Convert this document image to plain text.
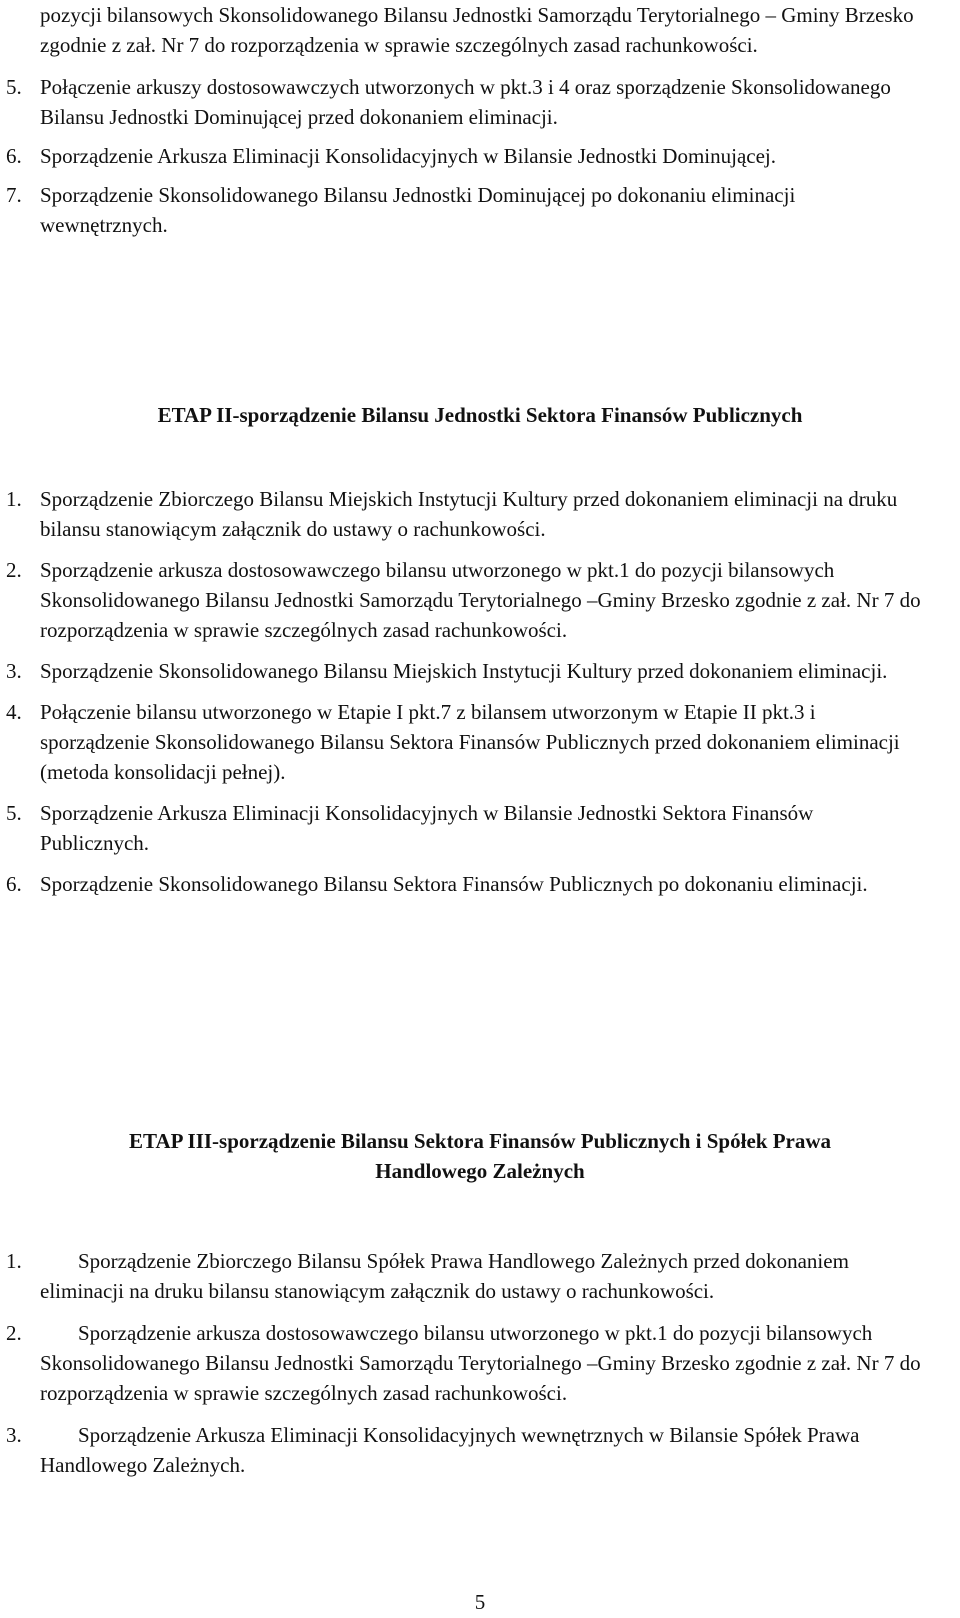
pozycji bilansowych Skonsolidowanego Bilansu Jednostki Samorządu Terytorialnego – Gminy Brzesko zgodnie z zał. Nr 7 do rozporządzenia w sprawie szczególnych zasad rachunkowości.
5. Połączenie arkuszy dostosowawczych utworzonych w pkt.3 i 4 oraz sporządzenie Skonsolidowanego Bilansu Jednostki Dominującej przed dokonaniem eliminacji.
6. Sporządzenie Arkusza Eliminacji Konsolidacyjnych w Bilansie Jednostki Dominującej.
7. Sporządzenie Skonsolidowanego Bilansu Jednostki Dominującej po dokonaniu eliminacji wewnętrznych.
ETAP II-sporządzenie Bilansu Jednostki Sektora Finansów Publicznych
1. Sporządzenie Zbiorczego Bilansu Miejskich Instytucji Kultury przed dokonaniem eliminacji na druku bilansu stanowiącym załącznik do ustawy o rachunkowości.
2. Sporządzenie arkusza dostosowawczego bilansu utworzonego w pkt.1 do pozycji bilansowych Skonsolidowanego Bilansu Jednostki Samorządu Terytorialnego –Gminy Brzesko zgodnie z zał. Nr 7 do rozporządzenia w sprawie szczególnych zasad rachunkowości.
3. Sporządzenie Skonsolidowanego Bilansu Miejskich Instytucji Kultury przed dokonaniem eliminacji.
4. Połączenie bilansu utworzonego w Etapie I pkt.7 z bilansem utworzonym w Etapie II pkt.3 i sporządzenie Skonsolidowanego Bilansu Sektora Finansów Publicznych przed dokonaniem eliminacji (metoda konsolidacji pełnej).
5. Sporządzenie Arkusza Eliminacji Konsolidacyjnych w Bilansie Jednostki Sektora Finansów Publicznych.
6. Sporządzenie Skonsolidowanego Bilansu Sektora Finansów Publicznych po dokonaniu eliminacji.
ETAP III-sporządzenie Bilansu Sektora Finansów Publicznych i Spółek Prawa
Handlowego Zależnych
1.	Sporządzenie Zbiorczego Bilansu Spółek Prawa Handlowego Zależnych przed dokonaniem eliminacji na druku bilansu stanowiącym załącznik do ustawy o rachunkowości.
2.	Sporządzenie arkusza dostosowawczego bilansu utworzonego w pkt.1 do pozycji bilansowych Skonsolidowanego Bilansu Jednostki Samorządu Terytorialnego –Gminy Brzesko zgodnie z zał. Nr 7 do rozporządzenia w sprawie szczególnych zasad rachunkowości.
3.	Sporządzenie Arkusza Eliminacji Konsolidacyjnych wewnętrznych w Bilansie Spółek Prawa Handlowego Zależnych.
5
